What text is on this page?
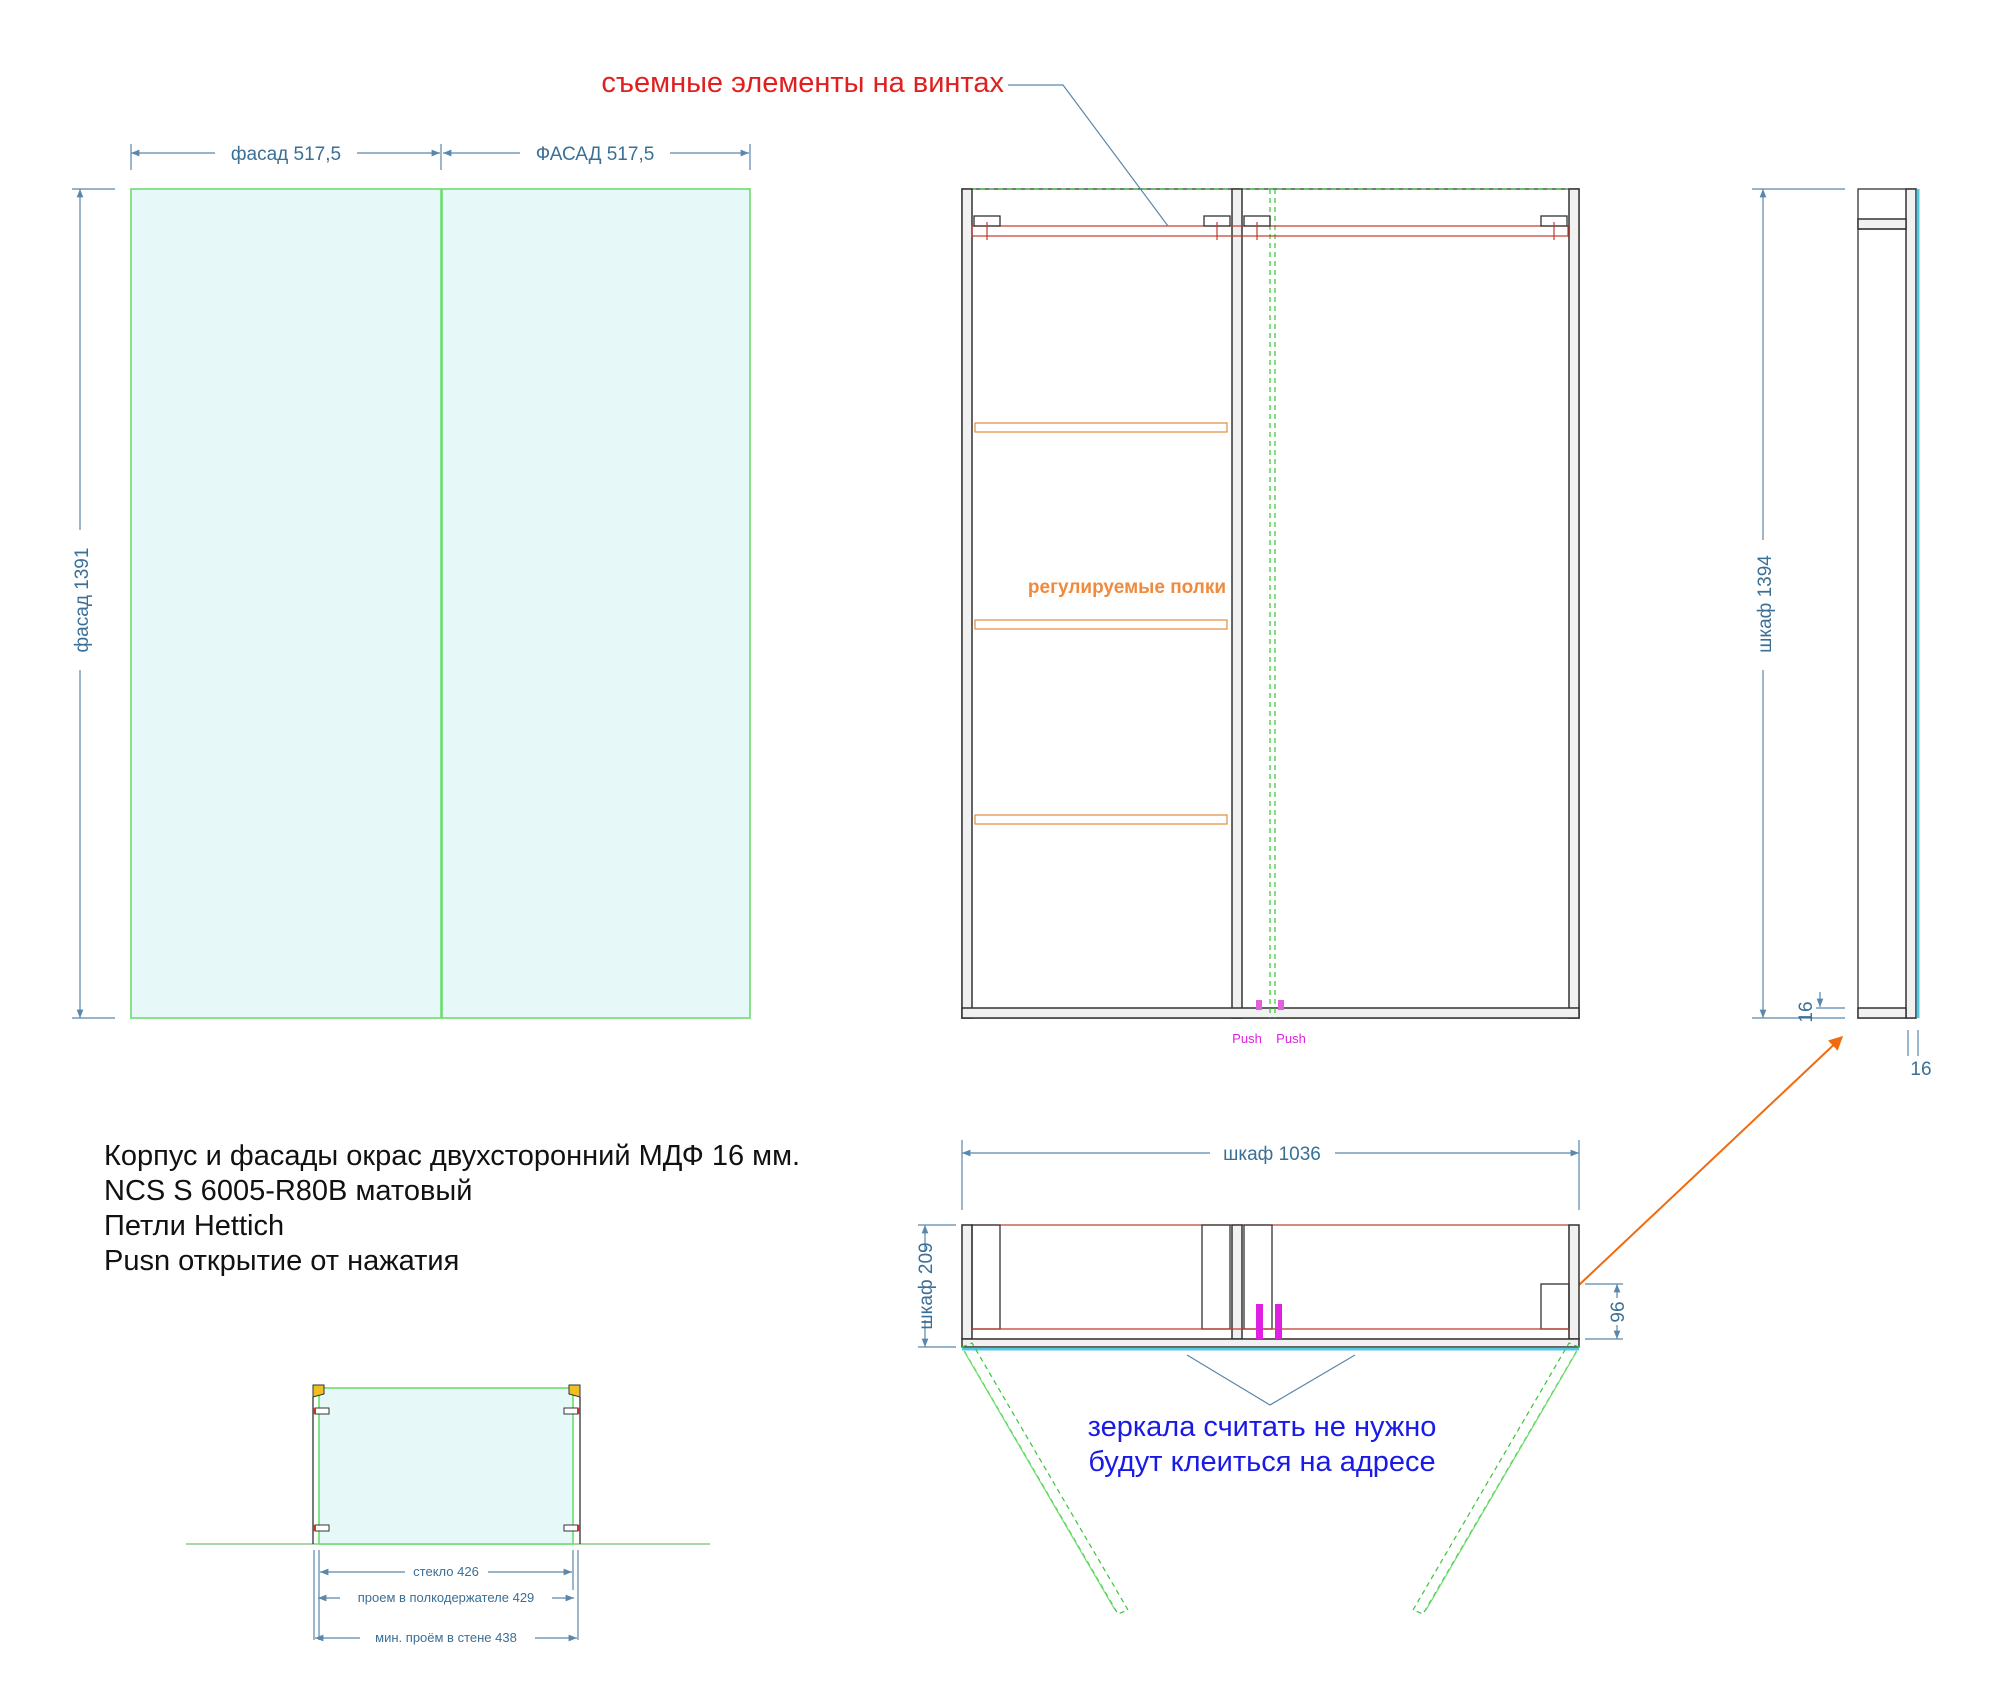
фасад 517,5	ФАСАД 517,5
фасад 1391	регулируемые полки
Push Push
съемные элементы на винтах
шкаф 1394
16
16
шкаф 1036
шкаф 209	96
зеркала считать не нужно
будут клеиться на адресе
Корпус и фасады окрас двухсторонний МДФ 16 мм.
NCS S 6005-R80B матовый
Петли Hettich
Pusn открытие от нажатия
стекло 426
проем в полкодержателе 429
мин. проём в стене 438
